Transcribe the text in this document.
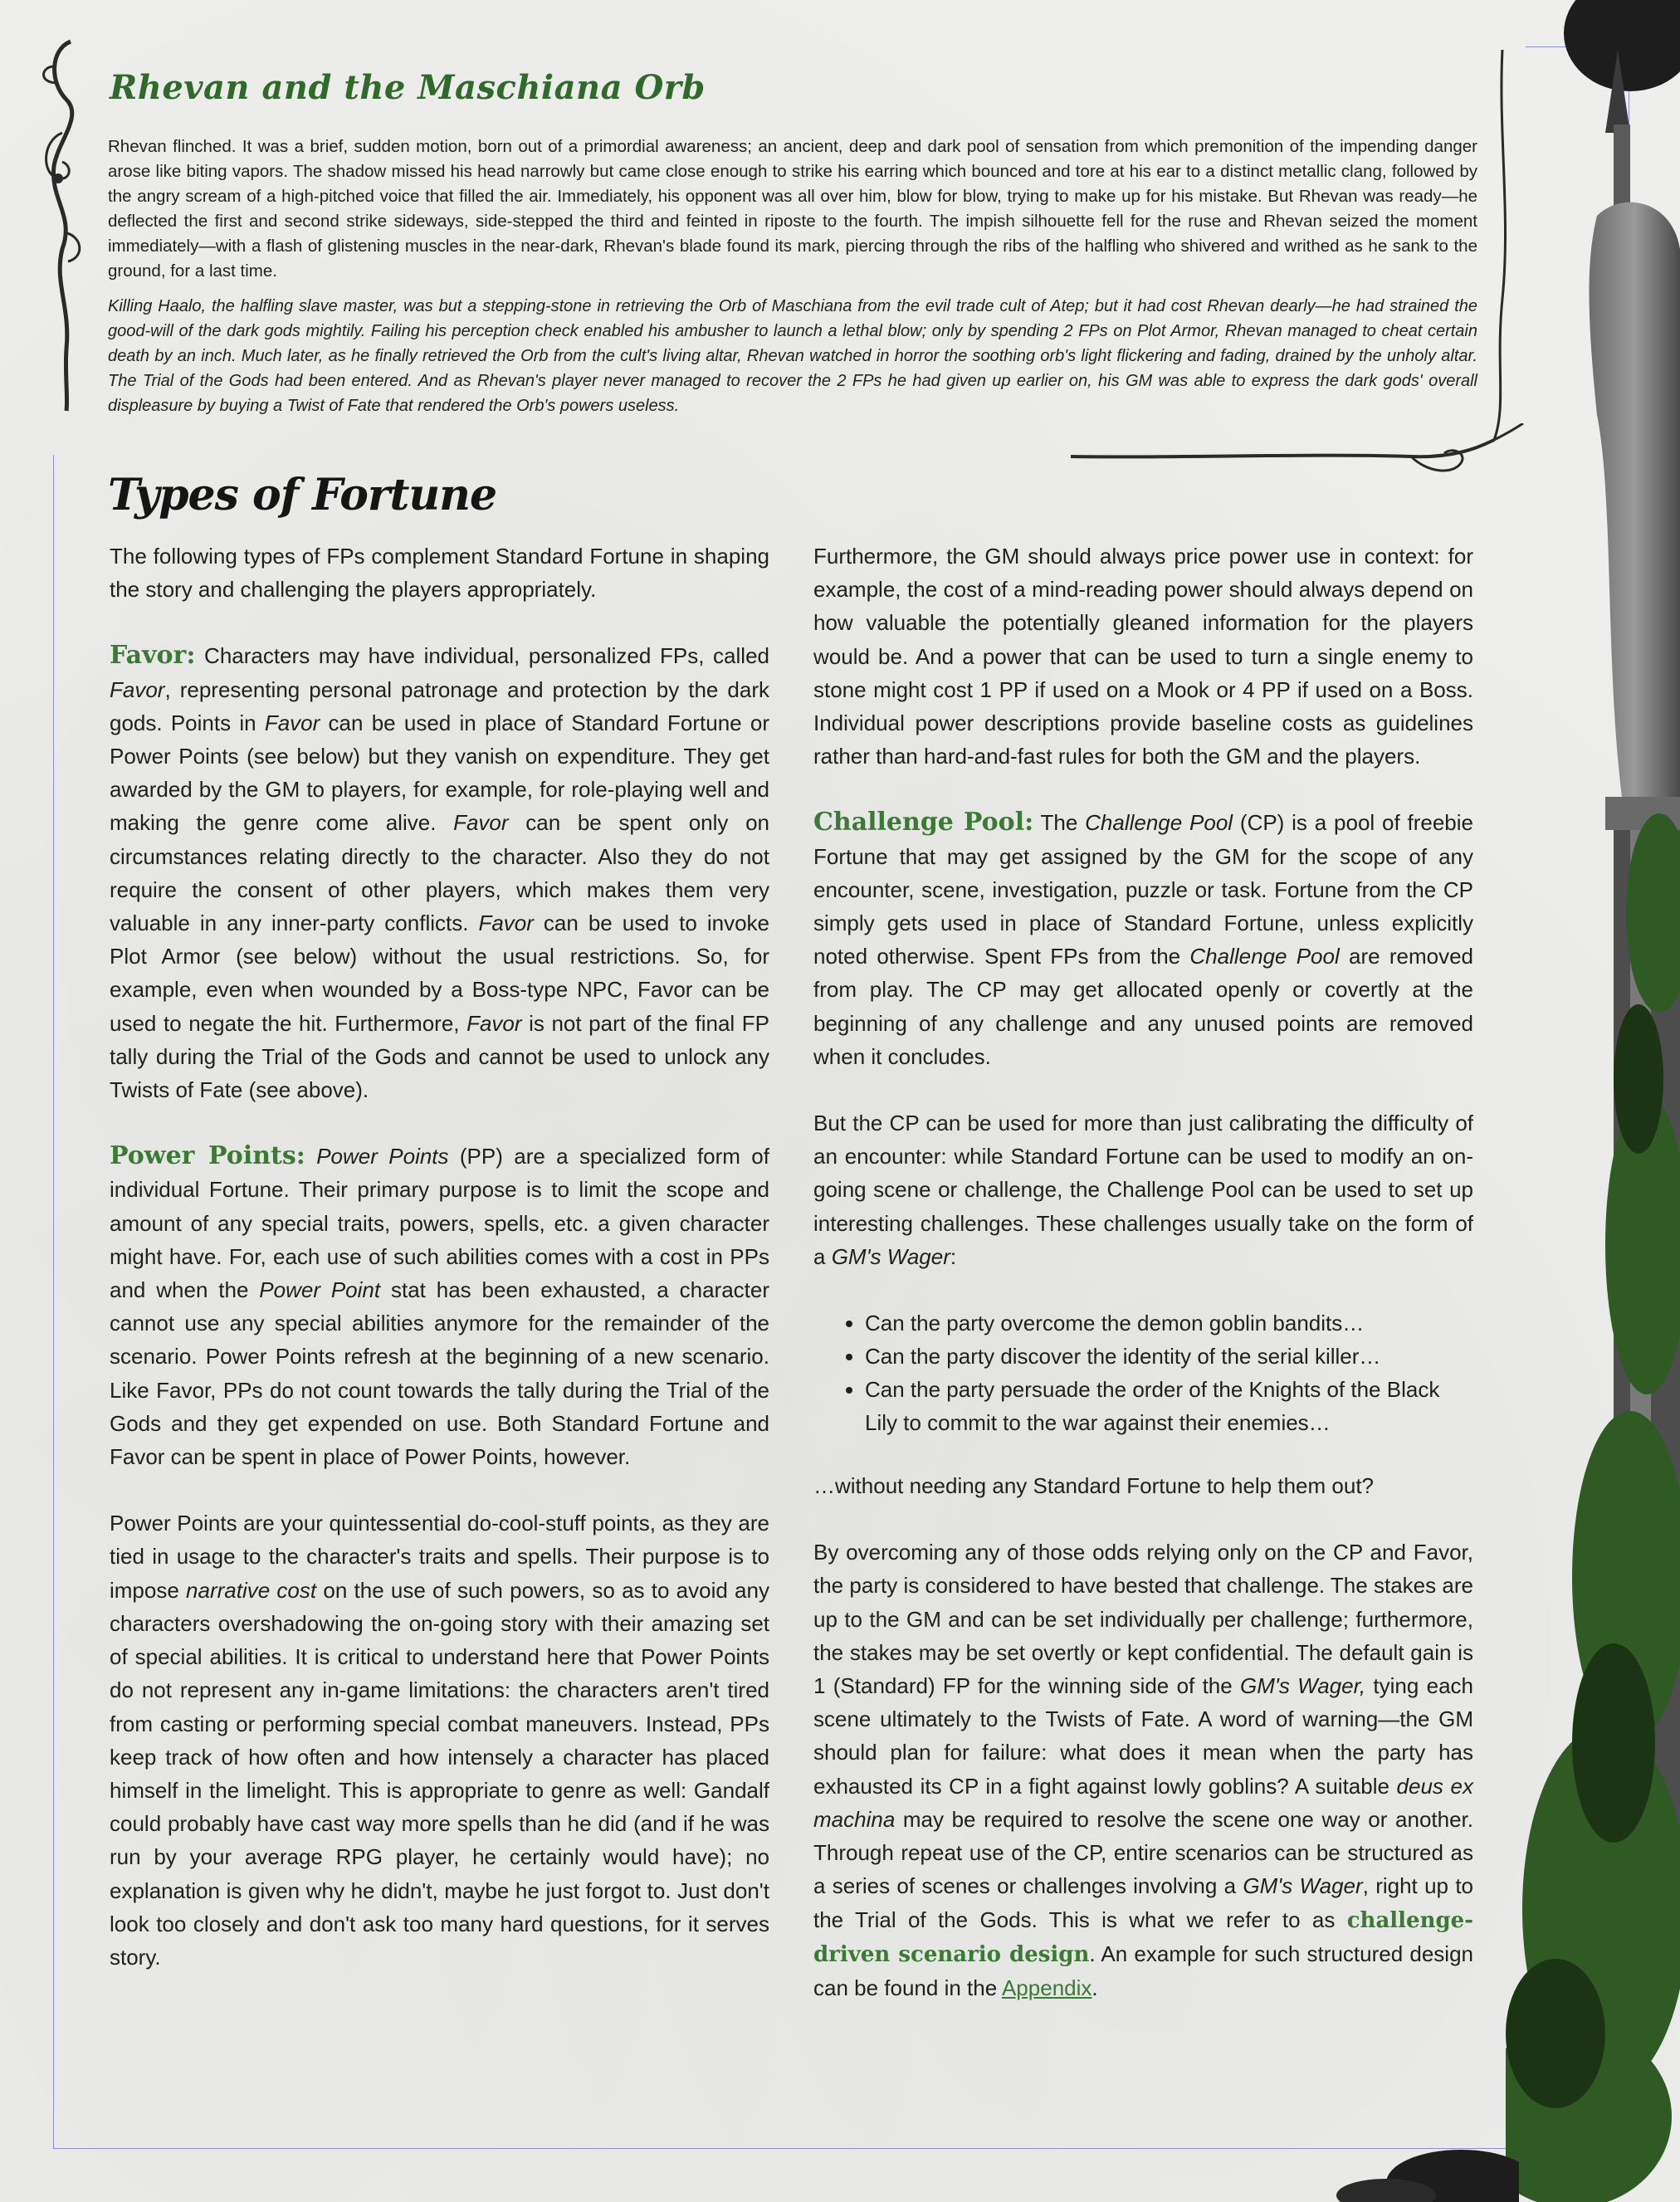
Rhevan and the Maschiana Orb

Rhevan flinched. It was a brief, sudden motion, born out of a primordial awareness; an ancient, deep and dark pool of sensation from which premonition of the impending danger arose like biting vapors. The shadow missed his head narrowly but came close enough to strike his earring which bounced and tore at his ear to a distinct metallic clang, followed by the angry scream of a high-pitched voice that filled the air. Immediately, his opponent was all over him, blow for blow, trying to make up for his mistake. But Rhevan was ready—he deflected the first and second strike sideways, side-stepped the third and feinted in riposte to the fourth. The impish silhouette fell for the ruse and Rhevan seized the moment immediately—with a flash of glistening muscles in the near-dark, Rhevan's blade found its mark, piercing through the ribs of the halfling who shivered and writhed as he sank to the ground, for a last time.

Killing Haalo, the halfling slave master, was but a stepping-stone in retrieving the Orb of Maschiana from the evil trade cult of Atep; but it had cost Rhevan dearly—he had strained the good-will of the dark gods mightily. Failing his perception check enabled his ambusher to launch a lethal blow; only by spending 2 FPs on Plot Armor, Rhevan managed to cheat certain death by an inch. Much later, as he finally retrieved the Orb from the cult's living altar, Rhevan watched in horror the soothing orb's light flickering and fading, drained by the unholy altar. The Trial of the Gods had been entered. And as Rhevan's player never managed to recover the 2 FPs he had given up earlier on, his GM was able to express the dark gods' overall displeasure by buying a Twist of Fate that rendered the Orb's powers useless.

Types of Fortune

The following types of FPs complement Standard Fortune in shaping the story and challenging the players appropriately.

Favor: Characters may have individual, personalized FPs, called Favor, representing personal patronage and protection by the dark gods. Points in Favor can be used in place of Standard Fortune or Power Points (see below) but they vanish on expenditure. They get awarded by the GM to players, for example, for role-playing well and making the genre come alive. Favor can be spent only on circumstances relating directly to the character. Also they do not require the consent of other players, which makes them very valuable in any inner-party conflicts. Favor can be used to invoke Plot Armor (see below) without the usual restrictions. So, for example, even when wounded by a Boss-type NPC, Favor can be used to negate the hit. Furthermore, Favor is not part of the final FP tally during the Trial of the Gods and cannot be used to unlock any Twists of Fate (see above).

Power Points: Power Points (PP) are a specialized form of individual Fortune. Their primary purpose is to limit the scope and amount of any special traits, powers, spells, etc. a given character might have. For, each use of such abilities comes with a cost in PPs and when the Power Point stat has been exhausted, a character cannot use any special abilities anymore for the remainder of the scenario. Power Points refresh at the beginning of a new scenario. Like Favor, PPs do not count towards the tally during the Trial of the Gods and they get expended on use. Both Standard Fortune and Favor can be spent in place of Power Points, however.

Power Points are your quintessential do-cool-stuff points, as they are tied in usage to the character's traits and spells. Their purpose is to impose narrative cost on the use of such powers, so as to avoid any characters overshadowing the on-going story with their amazing set of special abilities. It is critical to understand here that Power Points do not represent any in-game limitations: the characters aren't tired from casting or performing special combat maneuvers. Instead, PPs keep track of how often and how intensely a character has placed himself in the limelight. This is appropriate to genre as well: Gandalf could probably have cast way more spells than he did (and if he was run by your average RPG player, he certainly would have); no explanation is given why he didn't, maybe he just forgot to. Just don't look too closely and don't ask too many hard questions, for it serves story.

Furthermore, the GM should always price power use in context: for example, the cost of a mind-reading power should always depend on how valuable the potentially gleaned information for the players would be. And a power that can be used to turn a single enemy to stone might cost 1 PP if used on a Mook or 4 PP if used on a Boss. Individual power descriptions provide baseline costs as guidelines rather than hard-and-fast rules for both the GM and the players.

Challenge Pool: The Challenge Pool (CP) is a pool of freebie Fortune that may get assigned by the GM for the scope of any encounter, scene, investigation, puzzle or task. Fortune from the CP simply gets used in place of Standard Fortune, unless explicitly noted otherwise. Spent FPs from the Challenge Pool are removed from play. The CP may get allocated openly or covertly at the beginning of any challenge and any unused points are removed when it concludes.

But the CP can be used for more than just calibrating the difficulty of an encounter: while Standard Fortune can be used to modify an on-going scene or challenge, the Challenge Pool can be used to set up interesting challenges. These challenges usually take on the form of a GM's Wager:

• Can the party overcome the demon goblin bandits…
• Can the party discover the identity of the serial killer…
• Can the party persuade the order of the Knights of the Black Lily to commit to the war against their enemies…

…without needing any Standard Fortune to help them out?

By overcoming any of those odds relying only on the CP and Favor, the party is considered to have bested that challenge. The stakes are up to the GM and can be set individually per challenge; furthermore, the stakes may be set overtly or kept confidential. The default gain is 1 (Standard) FP for the winning side of the GM's Wager, tying each scene ultimately to the Twists of Fate. A word of warning—the GM should plan for failure: what does it mean when the party has exhausted its CP in a fight against lowly goblins? A suitable deus ex machina may be required to resolve the scene one way or another. Through repeat use of the CP, entire scenarios can be structured as a series of scenes or challenges involving a GM's Wager, right up to the Trial of the Gods. This is what we refer to as challenge-driven scenario design. An example for such structured design can be found in the Appendix.
